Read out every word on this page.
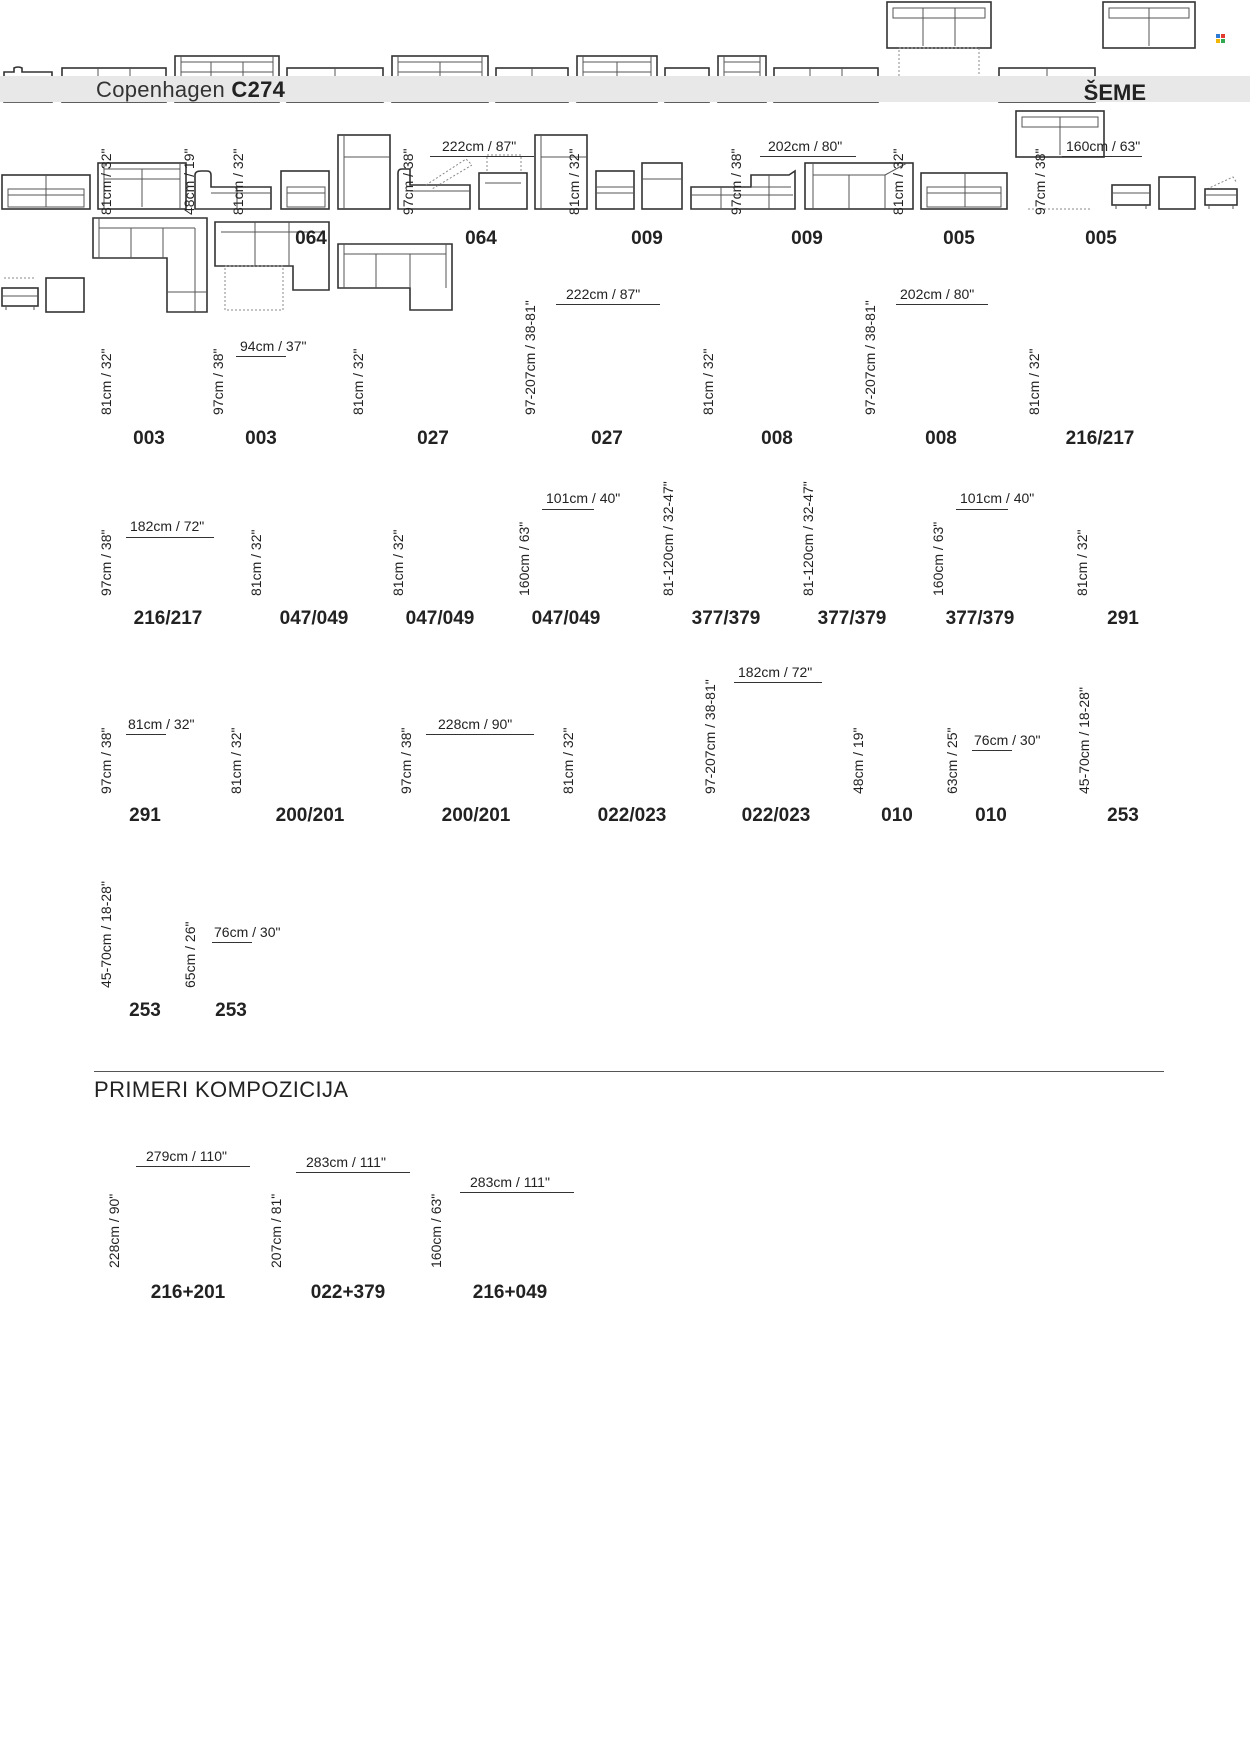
Copenhagen C274	ŠEME
81cm / 32"
	48cm / 19" 81cm / 32"

064
97cm / 38"
222cm / 87"

064
81cm / 32"

009
97cm / 38"
202cm / 80"

009
81cm / 32"

005
97cm / 38"
160cm / 63"

005
81cm / 32"

003
97cm / 38"
94cm / 37"

003
81cm / 32"

027
97-207cm / 38-81"
222cm / 87"

027
81cm / 32"

008
97-207cm / 38-81"
202cm / 80"

008
81cm / 32"

216/217
97cm / 38"
182cm / 72"

216/217
81cm / 32"

047/049
81cm / 32"

047/049
160cm / 63"
101cm / 40"

047/049
81-120cm / 32-47"

377/379
81-120cm / 32-47"

377/379
160cm / 63"
101cm / 40"

377/379
81cm / 32"

291
97cm / 38"
81cm / 32"

291
81cm / 32"

200/201
97cm / 38"
228cm / 90"

200/201
81cm / 32"

022/023
97-207cm / 38-81"
182cm / 72"

022/023
48cm / 19"

010
63cm / 25" 76cm / 30"

010
45-70cm / 18-28"

253
45-70cm / 18-28"

253
65cm / 26" 76cm / 30"

253
PRIMERI KOMPOZICIJA
279cm / 110"
228cm / 90"

216+201
283cm / 111"
207cm / 81"

022+379
283cm / 111"
160cm / 63"
216+049
